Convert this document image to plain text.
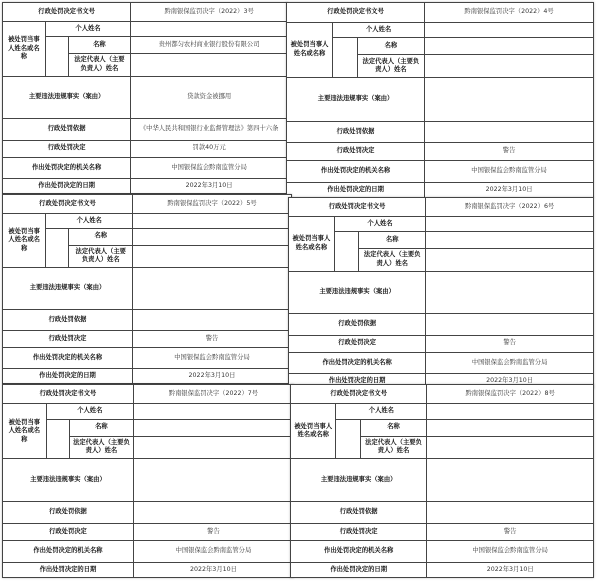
行政处罚决定书文号			黔南银保监罚决字（2022）3号
被处罚当事人姓名或名称	个人姓名		
		名称	贵州都匀农村商业银行股份有限公司
		法定代表人（主要负责人）姓名	
主要违法违规事实（案由）			贷款资金被挪用
行政处罚依据			《中华人民共和国银行业监督管理法》第四十六条
行政处罚决定			罚款40万元
作出处罚决定的机关名称			中国银保监会黔南监管分局
作出处罚决定的日期			2022年3月10日
行政处罚决定书文号			黔南银保监罚决字（2022）4号
被处罚当事人姓名或名称	个人姓名		
		名称	
		法定代表人（主要负责人）姓名	
主要违法违规事实（案由）			
行政处罚依据			
行政处罚决定			警告
作出处罚决定的机关名称			中国银保监会黔南监管分局
作出处罚决定的日期			2022年3月10日
行政处罚决定书文号			黔南银保监罚决字（2022）5号
被处罚当事人姓名或名称	个人姓名		
		名称	
		法定代表人（主要负责人）姓名	
主要违法违规事实（案由）			
行政处罚依据			
行政处罚决定			警告
作出处罚决定的机关名称			中国银保监会黔南监管分局
作出处罚决定的日期			2022年3月10日
行政处罚决定书文号			黔南银保监罚决字（2022）6号
被处罚当事人姓名或名称	个人姓名		
		名称	
		法定代表人（主要负责人）姓名	
主要违法违规事实（案由）			
行政处罚依据			
行政处罚决定			警告
作出处罚决定的机关名称			中国银保监会黔南监管分局
作出处罚决定的日期			2022年3月10日
行政处罚决定书文号			黔南银保监罚决字（2022）7号
被处罚当事人姓名或名称	个人姓名		
		名称	
		法定代表人（主要负责人）姓名	
主要违法违规事实（案由）			
行政处罚依据			
行政处罚决定			警告
作出处罚决定的机关名称			中国银保监会黔南监管分局
作出处罚决定的日期			2022年3月10日
行政处罚决定书文号			黔南银保监罚决字（2022）8号
被处罚当事人姓名或名称	个人姓名		
		名称	
		法定代表人（主要负责人）姓名	
主要违法违规事实（案由）			
行政处罚依据			
行政处罚决定			警告
作出处罚决定的机关名称			中国银保监会黔南监管分局
作出处罚决定的日期			2022年3月10日
